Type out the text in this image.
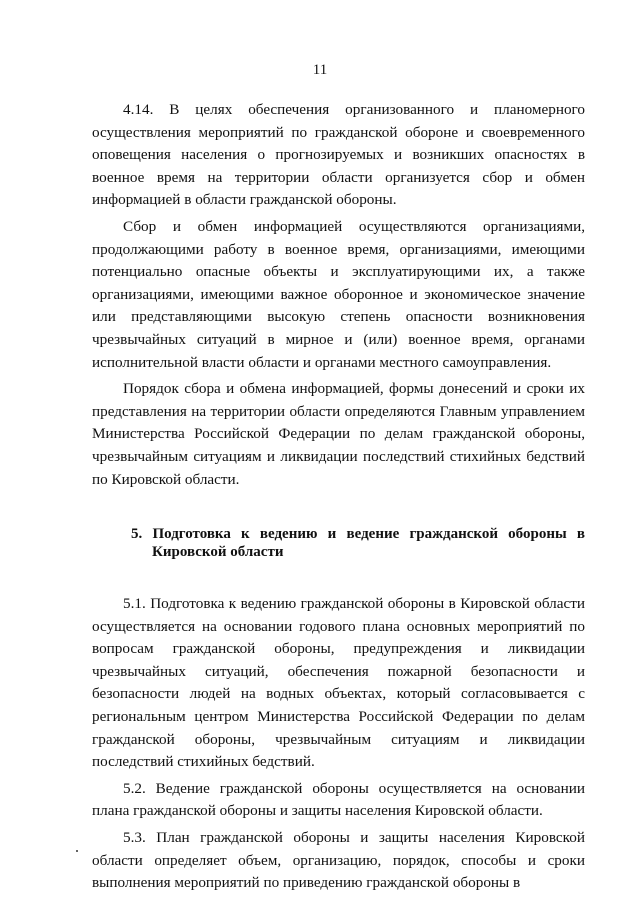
11

4.14. В целях обеспечения организованного и планомерного осуществления мероприятий по гражданской обороне и своевременного оповещения населения о прогнозируемых и возникших опасностях в военное время на территории области организуется сбор и обмен информацией в области гражданской обороны.

Сбор и обмен информацией осуществляются организациями, продолжающими работу в военное время, организациями, имеющими потенциально опасные объекты и эксплуатирующими их, а также организациями, имеющими важное оборонное и экономическое значение или представляющими высокую степень опасности возникновения чрезвычайных ситуаций в мирное и (или) военное время, органами исполнительной власти области и органами местного самоуправления.

Порядок сбора и обмена информацией, формы донесений и сроки их представления на территории области определяются Главным управлением Министерства Российской Федерации по делам гражданской обороны, чрезвычайным ситуациям и ликвидации последствий стихийных бедствий по Кировской области.

5. Подготовка к ведению и ведение гражданской обороны в Кировской области

5.1. Подготовка к ведению гражданской обороны в Кировской области осуществляется на основании годового плана основных мероприятий по вопросам гражданской обороны, предупреждения и ликвидации чрезвычайных ситуаций, обеспечения пожарной безопасности и безопасности людей на водных объектах, который согласовывается с региональным центром Министерства Российской Федерации по делам гражданской обороны, чрезвычайным ситуациям и ликвидации последствий стихийных бедствий.

5.2. Ведение гражданской обороны осуществляется на основании плана гражданской обороны и защиты населения Кировской области.

5.3. План гражданской обороны и защиты населения Кировской области определяет объем, организацию, порядок, способы и сроки выполнения мероприятий по приведению гражданской обороны в
